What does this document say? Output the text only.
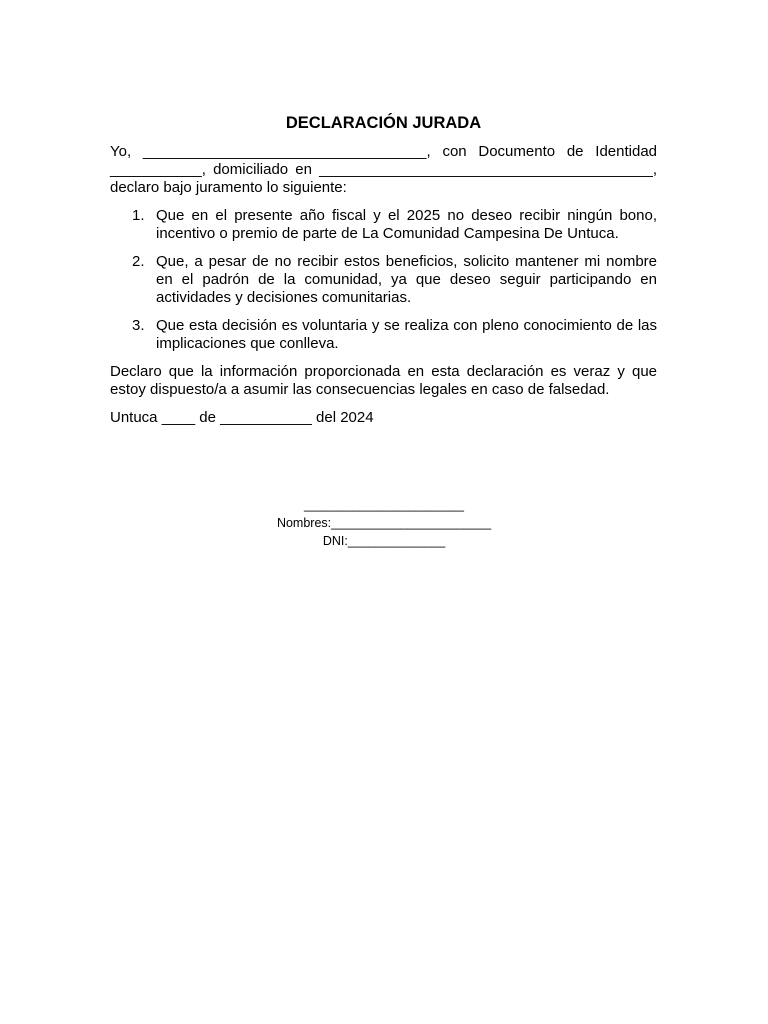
DECLARACIÓN JURADA
Yo, __________________________________, con Documento de Identidad ___________, domiciliado en ________________________________________, declaro bajo juramento lo siguiente:
1. Que en el presente año fiscal y el 2025 no deseo recibir ningún bono, incentivo o premio de parte de La Comunidad Campesina De Untuca.
2. Que, a pesar de no recibir estos beneficios, solicito mantener mi nombre en el padrón de la comunidad, ya que deseo seguir participando en actividades y decisiones comunitarias.
3. Que esta decisión es voluntaria y se realiza con pleno conocimiento de las implicaciones que conlleva.
Declaro que la información proporcionada en esta declaración es veraz y que estoy dispuesto/a a asumir las consecuencias legales en caso de falsedad.
Untuca ____ de ___________ del 2024
_______________________
Nombres:_______________________
DNI:______________
